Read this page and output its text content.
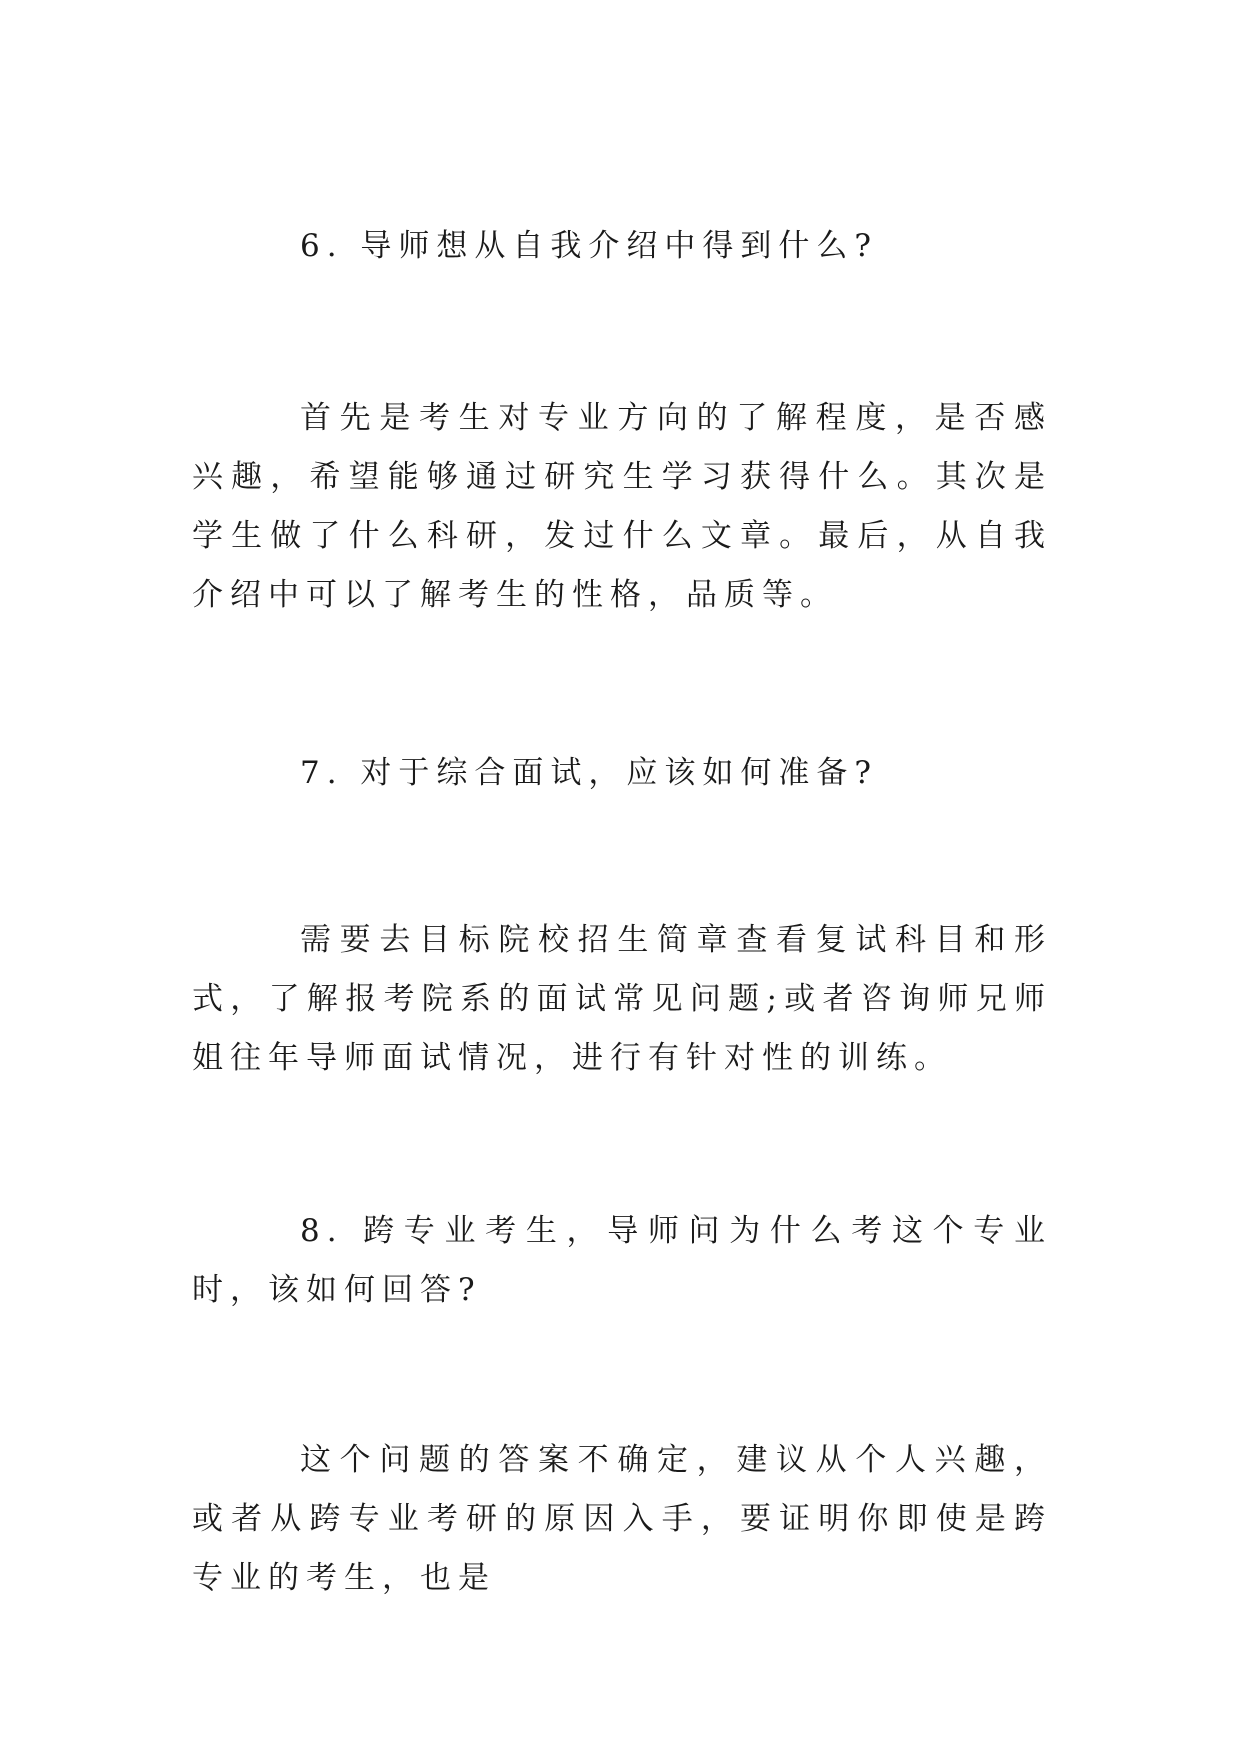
6. 导师想从自我介绍中得到什么?

首先是考生对专业方向的了解程度，是否感兴趣，希望能够通过研究生学习获得什么。其次是学生做了什么科研，发过什么文章。最后，从自我介绍中可以了解考生的性格，品质等。

7. 对于综合面试，应该如何准备?

需要去目标院校招生简章查看复试科目和形式，了解报考院系的面试常见问题;或者咨询师兄师姐往年导师面试情况，进行有针对性的训练。

8. 跨专业考生，导师问为什么考这个专业时，该如何回答?

这个问题的答案不确定，建议从个人兴趣，或者从跨专业考研的原因入手，要证明你即使是跨专业的考生，也是
